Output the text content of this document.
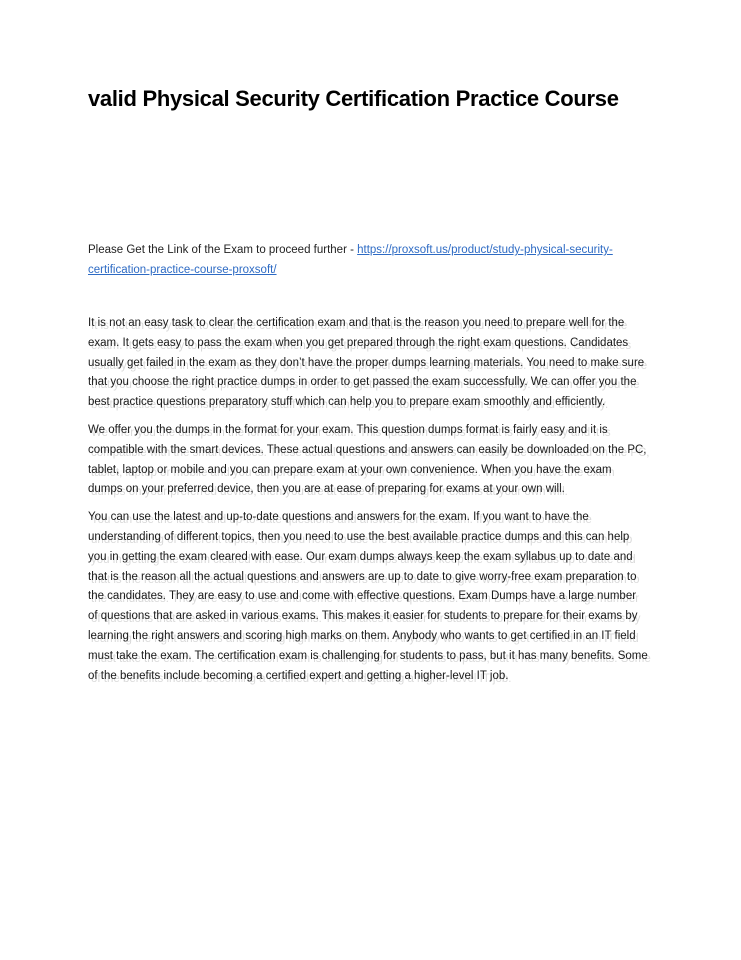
valid Physical Security Certification Practice Course

Please Get the Link of the Exam to proceed further - https://proxsoft.us/product/study-physical-security-certification-practice-course-proxsoft/

It is not an easy task to clear the certification exam and that is the reason you need to prepare well for the exam. It gets easy to pass the exam when you get prepared through the right exam questions. Candidates usually get failed in the exam as they don’t have the proper dumps learning materials. You need to make sure that you choose the right practice dumps in order to get passed the exam successfully. We can offer you the best practice questions preparatory stuff which can help you to prepare exam smoothly and efficiently.

We offer you the dumps in the format for your exam. This question dumps format is fairly easy and it is compatible with the smart devices. These actual questions and answers can easily be downloaded on the PC, tablet, laptop or mobile and you can prepare exam at your own convenience. When you have the exam dumps on your preferred device, then you are at ease of preparing for exams at your own will.

You can use the latest and up-to-date questions and answers for the exam. If you want to have the understanding of different topics, then you need to use the best available practice dumps and this can help you in getting the exam cleared with ease. Our exam dumps always keep the exam syllabus up to date and that is the reason all the actual questions and answers are up to date to give worry-free exam preparation to the candidates. They are easy to use and come with effective questions. Exam Dumps have a large number of questions that are asked in various exams. This makes it easier for students to prepare for their exams by learning the right answers and scoring high marks on them. Anybody who wants to get certified in an IT field must take the exam. The certification exam is challenging for students to pass, but it has many benefits. Some of the benefits include becoming a certified expert and getting a higher-level IT job.
